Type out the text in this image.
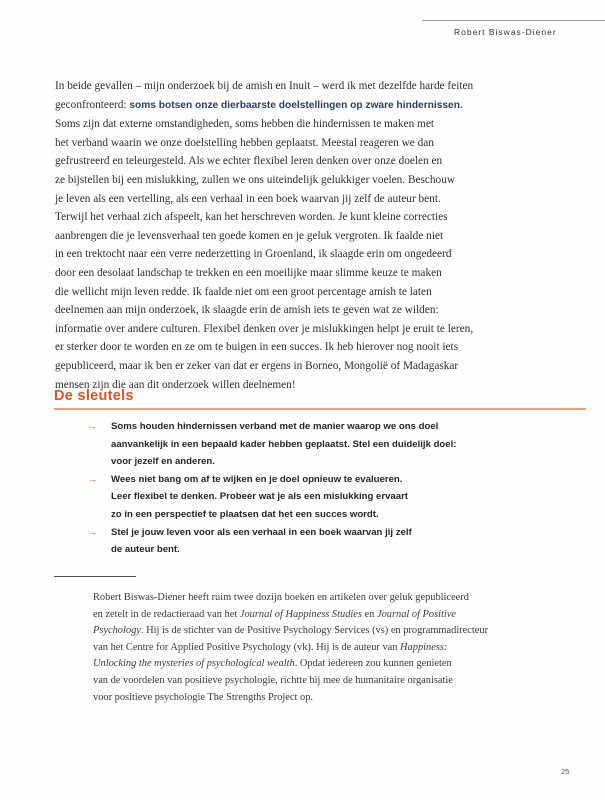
Robert Biswas-Diener
In beide gevallen – mijn onderzoek bij de amish en Inuit – werd ik met dezelfde harde feiten
geconfronteerd: soms botsen onze dierbaarste doelstellingen op zware hindernissen.
Soms zijn dat externe omstandigheden, soms hebben die hindernissen te maken met
het verband waarin we onze doelstelling hebben geplaatst. Meestal reageren we dan
gefrustreerd en teleurgesteld. Als we echter flexibel leren denken over onze doelen en
ze bijstellen bij een mislukking, zullen we ons uiteindelijk gelukkiger voelen. Beschouw
je leven als een vertelling, als een verhaal in een boek waarvan jij zelf de auteur bent.
Terwijl het verhaal zich afspeelt, kan het herschreven worden. Je kunt kleine correcties
aanbrengen die je levensverhaal ten goede komen en je geluk vergroten. Ik faalde niet
in een trektocht naar een verre nederzetting in Groenland, ik slaagde erin om ongedeerd
door een desolaat landschap te trekken en een moeilijke maar slimme keuze te maken
die wellicht mijn leven redde. Ik faalde niet om een groot percentage amish te laten
deelnemen aan mijn onderzoek, ik slaagde erin de amish iets te geven wat ze wilden:
informatie over andere culturen. Flexibel denken over je mislukkingen helpt je eruit te leren,
er sterker door te worden en ze om te buigen in een succes. Ik heb hierover nog nooit iets
gepubliceerd, maar ik ben er zeker van dat er ergens in Borneo, Mongolië of Madagaskar
mensen zijn die aan dit onderzoek willen deelnemen!
De sleutels
→ Soms houden hindernissen verband met de manier waarop we ons doel
aanvankelijk in een bepaald kader hebben geplaatst. Stel een duidelijk doel:
voor jezelf en anderen.
→ Wees niet bang om af te wijken en je doel opnieuw te evalueren.
Leer flexibel te denken. Probeer wat je als een mislukking ervaart
zo in een perspectief te plaatsen dat het een succes wordt.
→ Stel je jouw leven voor als een verhaal in een boek waarvan jij zelf
de auteur bent.
Robert Biswas-Diener heeft ruim twee dozijn boeken en artikelen over geluk gepubliceerd
en zetelt in de redactieraad van het Journal of Happiness Studies en Journal of Positive
Psychology. Hij is de stichter van de Positive Psychology Services (vs) en programmadirecteur
van het Centre for Applied Positive Psychology (vk). Hij is de auteur van Happiness:
Unlocking the mysteries of psychological wealth. Opdat iedereen zou kunnen genieten
van de voordelen van positieve psychologie, richtte hij mee de humanitaire organisatie
voor positieve psychologie The Strengths Project op.
25
